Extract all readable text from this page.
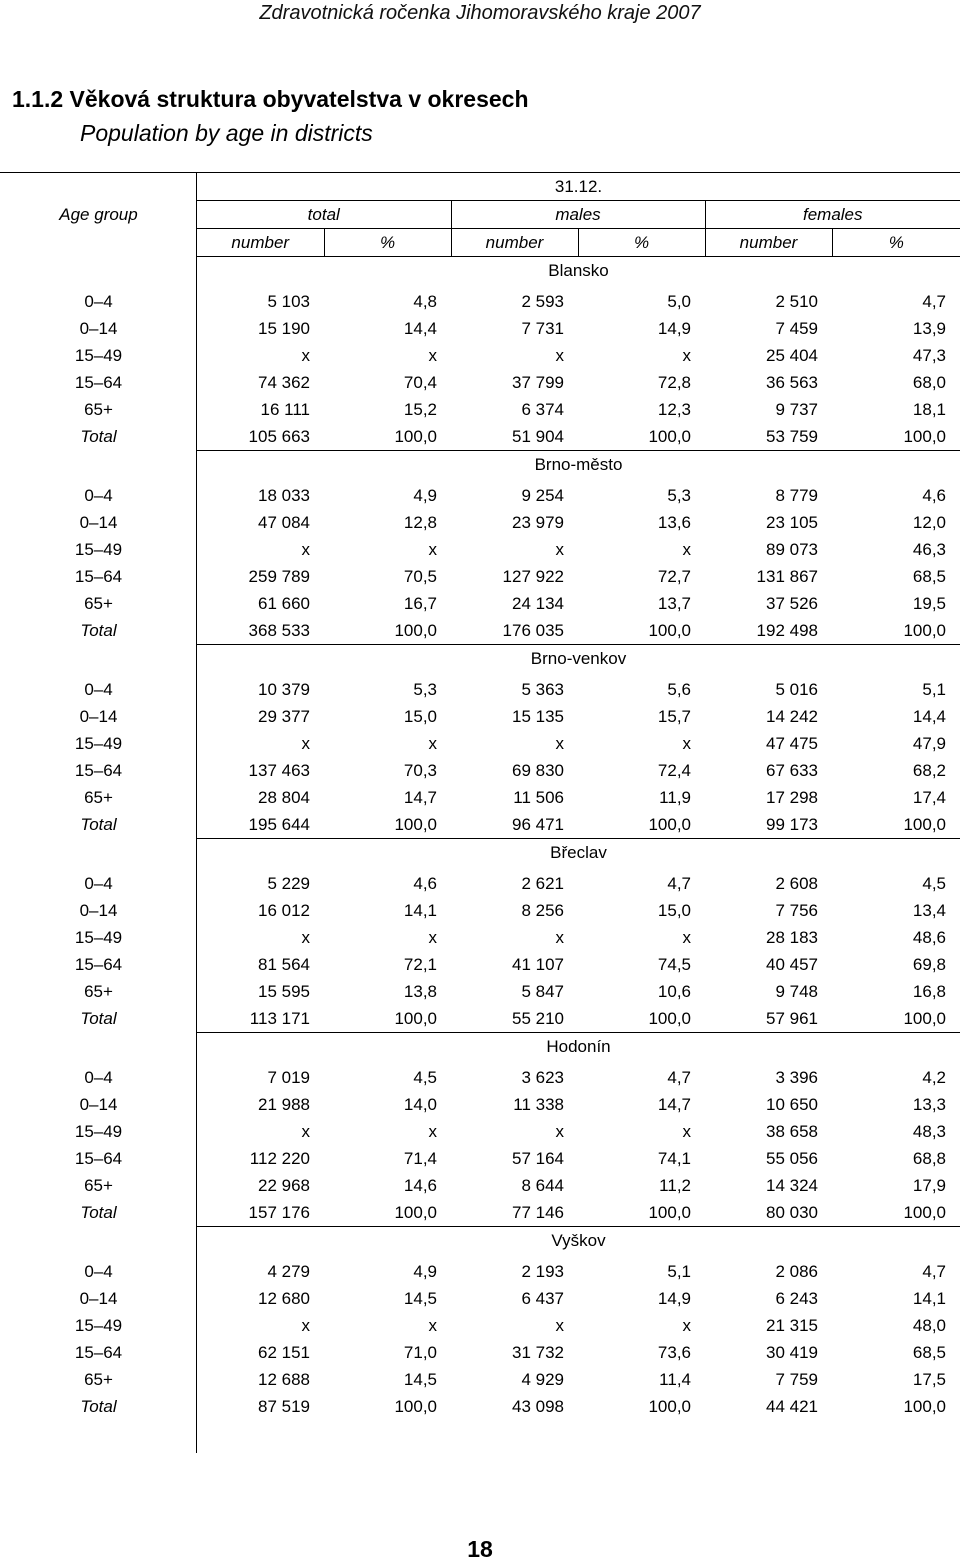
Zdravotnická ročenka Jihomoravského kraje 2007
1.1.2 Věková struktura obyvatelstva v okresech
Population by age in districts
	31.12.					
Age group	total		males		females	
	number	%	number	%	number	%
	Blansko					

0–4	5 103	4,8	2 593	5,0	2 510	4,7
0–14	15 190	14,4	7 731	14,9	7 459	13,9
15–49	x	x	x	x	25 404	47,3
15–64	74 362	70,4	37 799	72,8	36 563	68,0
65+	16 111	15,2	6 374	12,3	9 737	18,1
Total	105 663	100,0	51 904	100,0	53 759	100,0
	Brno-město					

0–4	18 033	4,9	9 254	5,3	8 779	4,6
0–14	47 084	12,8	23 979	13,6	23 105	12,0
15–49	x	x	x	x	89 073	46,3
15–64	259 789	70,5	127 922	72,7	131 867	68,5
65+	61 660	16,7	24 134	13,7	37 526	19,5
Total	368 533	100,0	176 035	100,0	192 498	100,0
	Brno-venkov					

0–4	10 379	5,3	5 363	5,6	5 016	5,1
0–14	29 377	15,0	15 135	15,7	14 242	14,4
15–49	x	x	x	x	47 475	47,9
15–64	137 463	70,3	69 830	72,4	67 633	68,2
65+	28 804	14,7	11 506	11,9	17 298	17,4
Total	195 644	100,0	96 471	100,0	99 173	100,0
	Břeclav					

0–4	5 229	4,6	2 621	4,7	2 608	4,5
0–14	16 012	14,1	8 256	15,0	7 756	13,4
15–49	x	x	x	x	28 183	48,6
15–64	81 564	72,1	41 107	74,5	40 457	69,8
65+	15 595	13,8	5 847	10,6	9 748	16,8
Total	113 171	100,0	55 210	100,0	57 961	100,0
	Hodonín					

0–4	7 019	4,5	3 623	4,7	3 396	4,2
0–14	21 988	14,0	11 338	14,7	10 650	13,3
15–49	x	x	x	x	38 658	48,3
15–64	112 220	71,4	57 164	74,1	55 056	68,8
65+	22 968	14,6	8 644	11,2	14 324	17,9
Total	157 176	100,0	77 146	100,0	80 030	100,0
	Vyškov					

0–4	4 279	4,9	2 193	5,1	2 086	4,7
0–14	12 680	14,5	6 437	14,9	6 243	14,1
15–49	x	x	x	x	21 315	48,0
15–64	62 151	71,0	31 732	73,6	30 419	68,5
65+	12 688	14,5	4 929	11,4	7 759	17,5
Total	87 519	100,0	43 098	100,0	44 421	100,0
18
